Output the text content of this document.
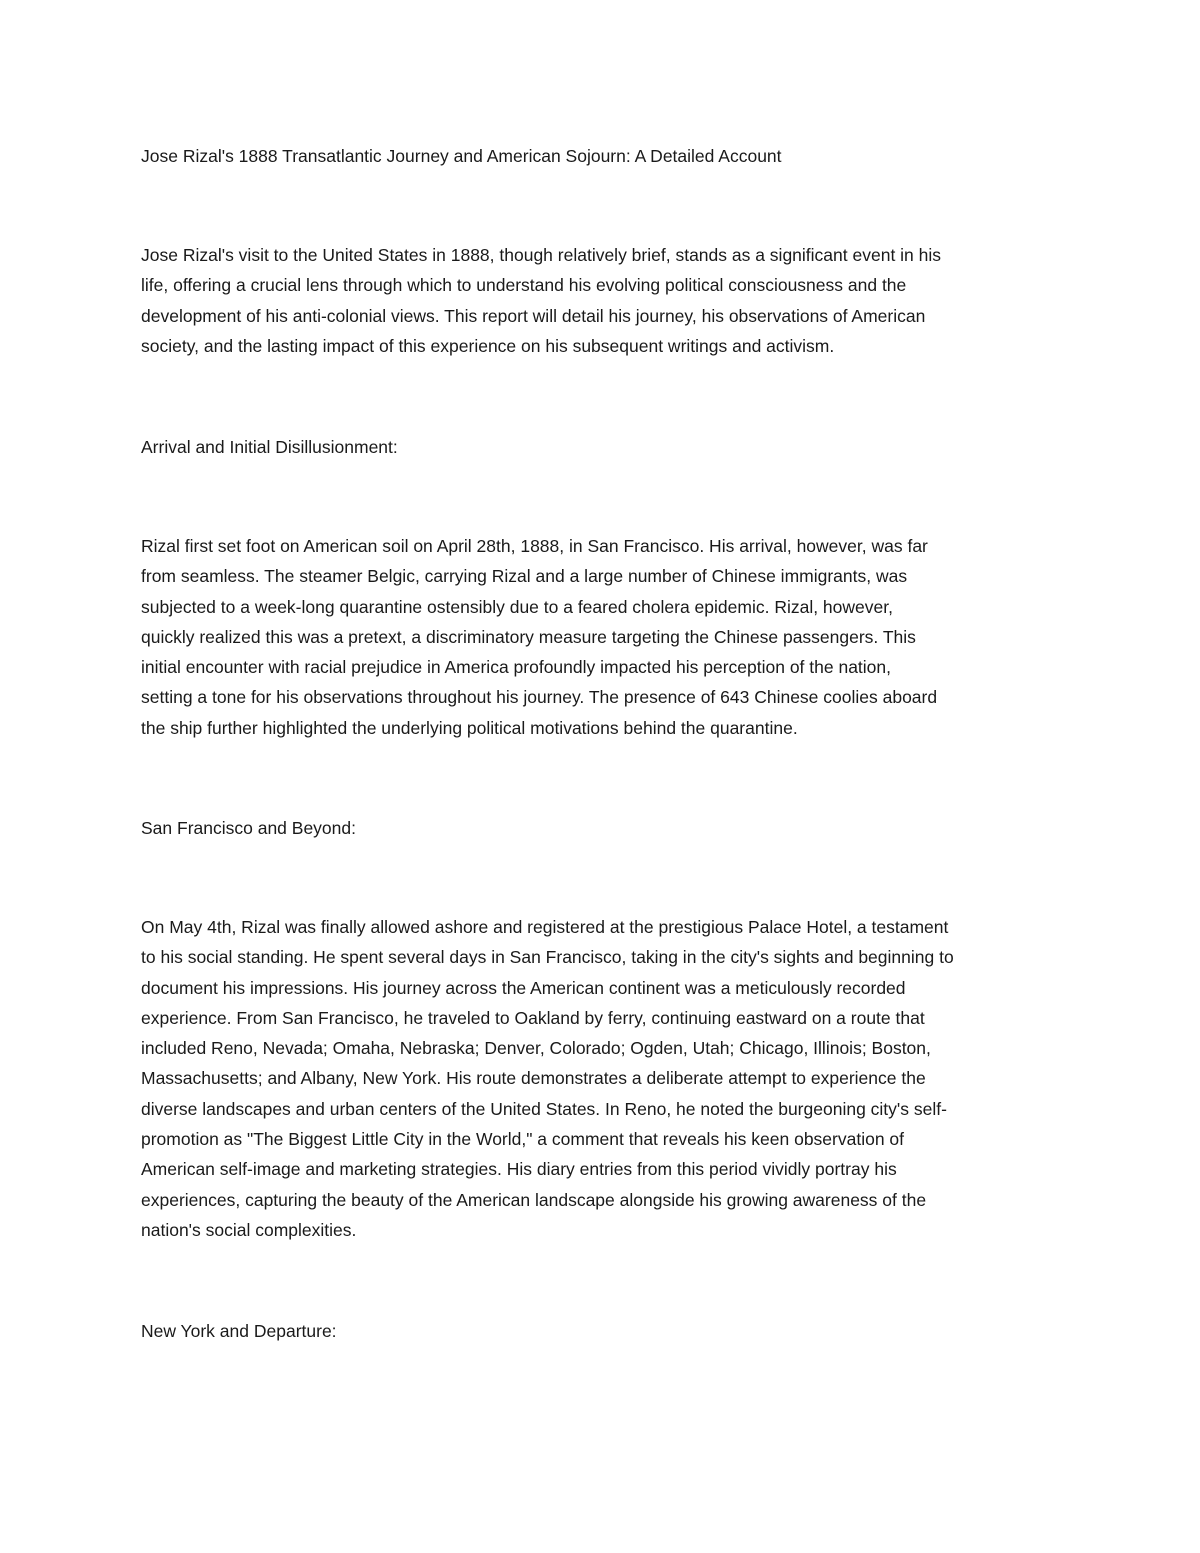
Jose Rizal's 1888 Transatlantic Journey and American Sojourn: A Detailed Account

Jose Rizal's visit to the United States in 1888, though relatively brief, stands as a significant event in his
life, offering a crucial lens through which to understand his evolving political consciousness and the
development of his anti-colonial views. This report will detail his journey, his observations of American
society, and the lasting impact of this experience on his subsequent writings and activism.

Arrival and Initial Disillusionment:

Rizal first set foot on American soil on April 28th, 1888, in San Francisco. His arrival, however, was far
from seamless. The steamer Belgic, carrying Rizal and a large number of Chinese immigrants, was
subjected to a week-long quarantine ostensibly due to a feared cholera epidemic. Rizal, however,
quickly realized this was a pretext, a discriminatory measure targeting the Chinese passengers. This
initial encounter with racial prejudice in America profoundly impacted his perception of the nation,
setting a tone for his observations throughout his journey. The presence of 643 Chinese coolies aboard
the ship further highlighted the underlying political motivations behind the quarantine.

San Francisco and Beyond:

On May 4th, Rizal was finally allowed ashore and registered at the prestigious Palace Hotel, a testament
to his social standing. He spent several days in San Francisco, taking in the city's sights and beginning to
document his impressions. His journey across the American continent was a meticulously recorded
experience. From San Francisco, he traveled to Oakland by ferry, continuing eastward on a route that
included Reno, Nevada; Omaha, Nebraska; Denver, Colorado; Ogden, Utah; Chicago, Illinois; Boston,
Massachusetts; and Albany, New York. His route demonstrates a deliberate attempt to experience the
diverse landscapes and urban centers of the United States. In Reno, he noted the burgeoning city's self-
promotion as "The Biggest Little City in the World," a comment that reveals his keen observation of
American self-image and marketing strategies. His diary entries from this period vividly portray his
experiences, capturing the beauty of the American landscape alongside his growing awareness of the
nation's social complexities.

New York and Departure:
